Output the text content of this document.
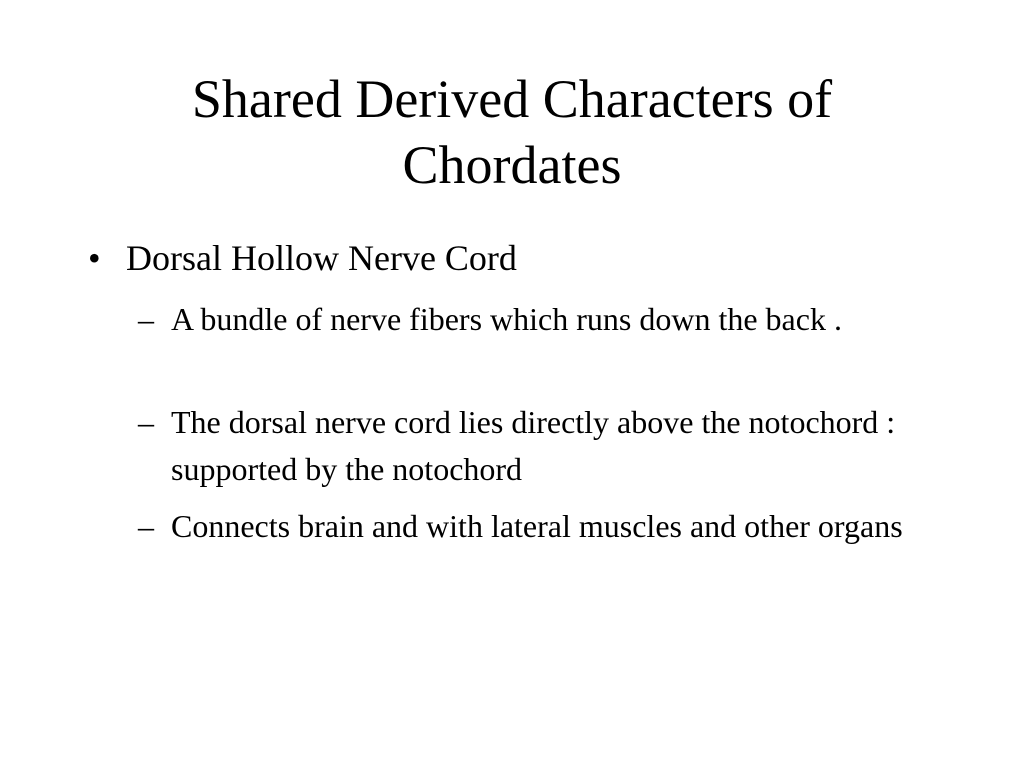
Shared Derived Characters of Chordates
• Dorsal Hollow Nerve Cord
– A bundle of nerve fibers which runs down the back .
– The dorsal nerve cord lies directly above the notochord : supported by the notochord
– Connects brain and with lateral muscles and other organs
